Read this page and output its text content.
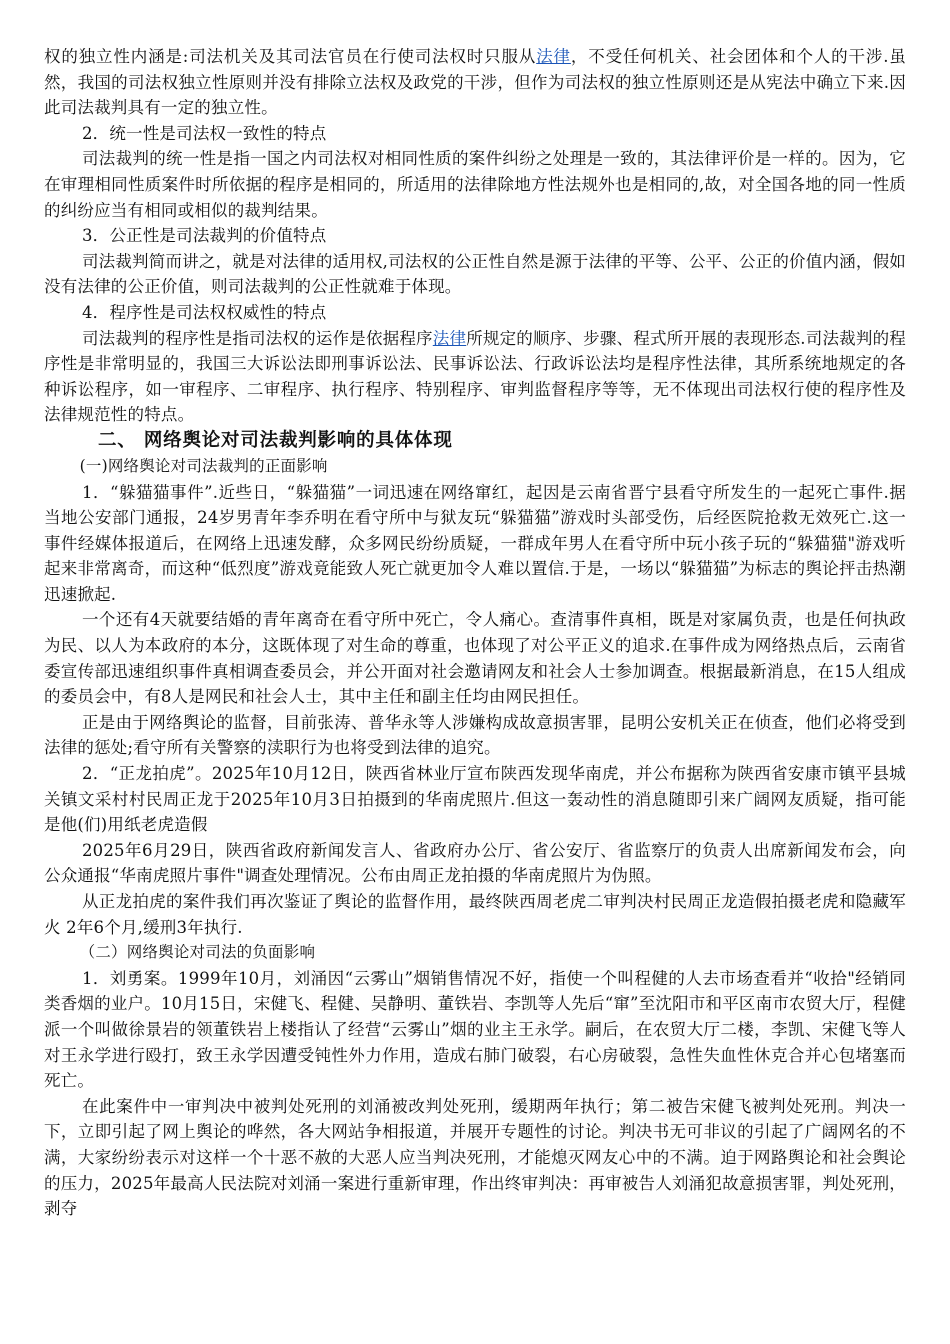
权的独立性内涵是:司法机关及其司法官员在行使司法权时只服从法律，不受任何机关、社会团体和个人的干涉.虽然，我国的司法权独立性原则并没有排除立法权及政党的干涉，但作为司法权的独立性原则还是从宪法中确立下来.因此司法裁判具有一定的独立性。

2．统一性是司法权一致性的特点

司法裁判的统一性是指一国之内司法权对相同性质的案件纠纷之处理是一致的，其法律评价是一样的。因为，它在审理相同性质案件时所依据的程序是相同的，所适用的法律除地方性法规外也是相同的,故，对全国各地的同一性质的纠纷应当有相同或相似的裁判结果。

3．公正性是司法裁判的价值特点

司法裁判简而讲之，就是对法律的适用权,司法权的公正性自然是源于法律的平等、公平、公正的价值内涵，假如没有法律的公正价值，则司法裁判的公正性就难于体现。

4．程序性是司法权权威性的特点

司法裁判的程序性是指司法权的运作是依据程序法律所规定的顺序、步骤、程式所开展的表现形态.司法裁判的程序性是非常明显的，我国三大诉讼法即刑事诉讼法、民事诉讼法、行政诉讼法均是程序性法律，其所系统地规定的各种诉讼程序，如一审程序、二审程序、执行程序、特别程序、审判监督程序等等，无不体现出司法权行使的程序性及法律规范性的特点。

二、 网络舆论对司法裁判影响的具体体现

(一)网络舆论对司法裁判的正面影响

1．“躲猫猫事件”.近些日，“躲猫猫”一词迅速在网络窜红，起因是云南省晋宁县看守所发生的一起死亡事件.据当地公安部门通报，24岁男青年李乔明在看守所中与狱友玩“躲猫猫”游戏时头部受伤，后经医院抢救无效死亡.这一事件经媒体报道后，在网络上迅速发酵，众多网民纷纷质疑，一群成年男人在看守所中玩小孩子玩的“躲猫猫"游戏听起来非常离奇，而这种“低烈度”游戏竟能致人死亡就更加令人难以置信.于是，一场以“躲猫猫”为标志的舆论抨击热潮迅速掀起.

一个还有4天就要结婚的青年离奇在看守所中死亡，令人痛心。查清事件真相，既是对家属负责，也是任何执政为民、以人为本政府的本分，这既体现了对生命的尊重，也体现了对公平正义的追求.在事件成为网络热点后，云南省委宣传部迅速组织事件真相调查委员会，并公开面对社会邀请网友和社会人士参加调查。根据最新消息，在15人组成的委员会中，有8人是网民和社会人士，其中主任和副主任均由网民担任。

正是由于网络舆论的监督，目前张涛、普华永等人涉嫌构成故意损害罪，昆明公安机关正在侦查，他们必将受到法律的惩处;看守所有关警察的渎职行为也将受到法律的追究。

2．“正龙拍虎”。2025年10月12日，陕西省林业厅宣布陕西发现华南虎，并公布据称为陕西省安康市镇平县城关镇文采村村民周正龙于2025年10月3日拍摄到的华南虎照片.但这一轰动性的消息随即引来广阔网友质疑，指可能是他(们)用纸老虎造假

2025年6月29日，陕西省政府新闻发言人、省政府办公厅、省公安厅、省监察厅的负责人出席新闻发布会，向公众通报“华南虎照片事件"调查处理情况。公布由周正龙拍摄的华南虎照片为伪照。

从正龙拍虎的案件我们再次鉴证了舆论的监督作用，最终陕西周老虎二审判决村民周正龙造假拍摄老虎和隐藏军火 2年6个月,缓刑3年执行.

（二）网络舆论对司法的负面影响

1．刘勇案。1999年10月，刘涌因“云雾山”烟销售情况不好，指使一个叫程健的人去市场查看并“收拾"经销同类香烟的业户。10月15日，宋健飞、程健、吴静明、董铁岩、李凯等人先后“窜”至沈阳市和平区南市农贸大厅，程健派一个叫做徐景岩的领董铁岩上楼指认了经营“云雾山”烟的业主王永学。嗣后，在农贸大厅二楼，李凯、宋健飞等人对王永学进行殴打，致王永学因遭受钝性外力作用，造成右肺门破裂，右心房破裂，急性失血性休克合并心包堵塞而死亡。

在此案件中一审判决中被判处死刑的刘涌被改判处死刑，缓期两年执行；第二被告宋健飞被判处死刑。判决一下，立即引起了网上舆论的哗然，各大网站争相报道，并展开专题性的讨论。判决书无可非议的引起了广阔网名的不满，大家纷纷表示对这样一个十恶不赦的大恶人应当判决死刑，才能熄灭网友心中的不满。迫于网路舆论和社会舆论的压力，2025年最高人民法院对刘涌一案进行重新审理，作出终审判决：再审被告人刘涌犯故意损害罪，判处死刑，剥夺
